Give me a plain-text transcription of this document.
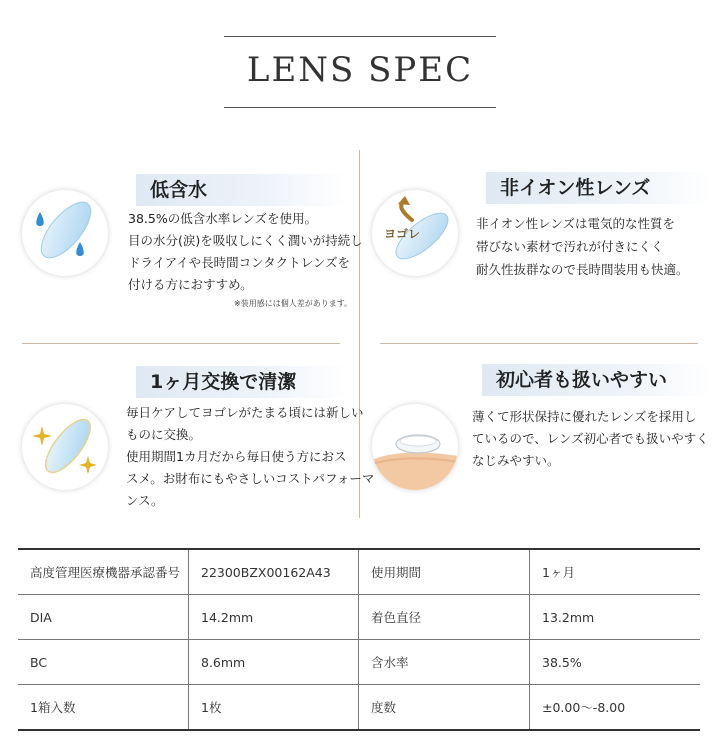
LENS SPEC
低含水
38.5%の低含水率レンズを使用。
目の水分(涙)を吸収しにくく潤いが持続し
ドライアイや長時間コンタクトレンズを
付ける方におすすめ。
※装用感には個人差があります。
非イオン性レンズ
ヨゴレ
非イオン性レンズは電気的な性質を
帯びない素材で汚れが付きにくく
耐久性抜群なので長時間装用も快適。
1ヶ月交換で清潔
毎日ケアしてヨゴレがたまる頃には新しい
ものに交換。
使用期間1カ月だから毎日使う方におス
スメ。お財布にもやさしいコストパフォーマ
ンス。
初心者も扱いやすい
薄くて形状保持に優れたレンズを採用し
ているので、レンズ初心者でも扱いやすく
なじみやすい。
高度管理医療機器承認番号	22300BZX00162A43	使用期間	1ヶ月
DIA	14.2mm	着色直径	13.2mm
BC	8.6mm	含水率	38.5%
1箱入数	1枚	度数	±0.00〜-8.00
